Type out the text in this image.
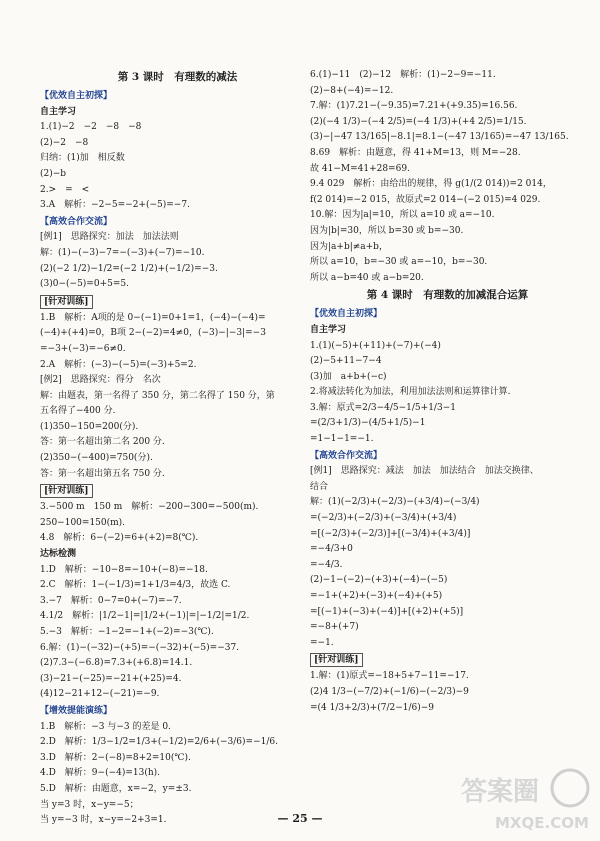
第 3 课时　有理数的减法
【优效自主初探】
自主学习
1.(1)−2　−2　−8　−8
(2)−2　−8
归纳：(1)加　相反数
(2)−b
2.>　=　<
3.A　解析：−2−5=−2+(−5)=−7.
【高效合作交流】
[例1]　思路探究：加法　加法法则
解：(1)−(−3)−7=−(−3)+(−7)=−10.
(2)(−2 1/2)−1/2=(−2 1/2)+(−1/2)=−3.
(3)0−(−5)=0+5=5.
[针对训练]
1.B　解析：A项的是 0−(−1)=0+1=1，(−4)−(−4)=
(−4)+(+4)=0，B项 2−(−2)=4≠0，(−3)−|−3|=−3
=−3+(−3)=−6≠0.
2.A　解析：(−3)−(−5)=(−3)+5=2.
[例2]　思路探究：得分　名次
解：由题表，第一名得了 350 分，第二名得了 150 分，第
五名得了−400 分.
(1)350−150=200(分).
答：第一名超出第二名 200 分.
(2)350−(−400)=750(分).
答：第一名超出第五名 750 分.
[针对训练]
3.−500 m　150 m　解析：−200−300=−500(m).
250−100=150(m).
4.8　解析：6−(−2)=6+(+2)=8(℃).
达标检测
1.D　解析：−10−8=−10+(−8)=−18.
2.C　解析：1−(−1/3)=1+1/3=4/3，故选 C.
3.−7　解析：0−7=0+(−7)=−7.
4.1/2　解析：|1/2−1|=|1/2+(−1)|=|−1/2|=1/2.
5.−3　解析：−1−2=−1+(−2)=−3(℃).
6.解：(1)−(−32)−(+5)=−(−32)+(−5)=−37.
(2)7.3−(−6.8)=7.3+(+6.8)=14.1.
(3)−21−(−25)=−21+(+25)=4.
(4)12−21+12−(−21)=−9.
【增效提能演练】
1.B　解析：−3 与−3 的差是 0.
2.D　解析：1/3−1/2=1/3+(−1/2)=2/6+(−3/6)=−1/6.
3.D　解析：2−(−8)=8+2=10(℃).
4.D　解析：9−(−4)=13(h).
5.D　解析：由题意，x=−2，y=±3.
当 y=3 时，x−y=−5；
当 y=−3 时，x−y=−2+3=1.
6.(1)−11　(2)−12　解析：(1)−2−9=−11.
(2)−8+(−4)=−12.
7.解：(1)7.21−(−9.35)=7.21+(+9.35)=16.56.
(2)(−4 1/3)−(−4 2/5)=(−4 1/3)+(+4 2/5)=1/15.
(3)−|−47 13/165|−8.1|=8.1−(−47 13/165)=−47 13/165.
8.69　解析：由题意，得 41+M=13，则 M=−28.
故 41−M=41+28=69.
9.4 029　解析：由给出的规律，得 g(1/(2 014))=2 014，
f(2 014)=−2 015，故原式=2 014−(−2 015)=4 029.
10.解：因为|a|=10，所以 a=10 或 a=−10.
因为|b|=30，所以 b=30 或 b=−30.
因为|a+b|≠a+b，
所以 a=10，b=−30 或 a=−10，b=−30.
所以 a−b=40 或 a−b=20.
第 4 课时　有理数的加减混合运算
【优效自主初探】
自主学习
1.(1)(−5)+(+11)+(−7)+(−4)
(2)−5+11−7−4
(3)加　a+b+(−c)
2.将减法转化为加法，利用加法法则和运算律计算.
3.解：原式=2/3−4/5−1/5+1/3−1
=(2/3+1/3)−(4/5+1/5)−1
=1−1−1=−1.
【高效合作交流】
[例1]　思路探究：减法　加法　加法结合　加法交换律、
结合
解：(1)(−2/3)+(−2/3)−(+3/4)−(−3/4)
=(−2/3)+(−2/3)+(−3/4)+(+3/4)
=[(−2/3)+(−2/3)]+[(−3/4)+(+3/4)]
=−4/3+0
=−4/3.
(2)−1−(−2)−(+3)+(−4)−(−5)
=−1+(+2)+(−3)+(−4)+(+5)
=[(−1)+(−3)+(−4)]+[(+2)+(+5)]
=−8+(+7)
=−1.
[针对训练]
1.解：(1)原式=−18+5+7−11=−17.
(2)4 1/3−(−7/2)+(−1/6)−(−2/3)−9
=(4 1/3+2/3)+(7/2−1/6)−9
— 25 —
答案圈
MXQE.COM
